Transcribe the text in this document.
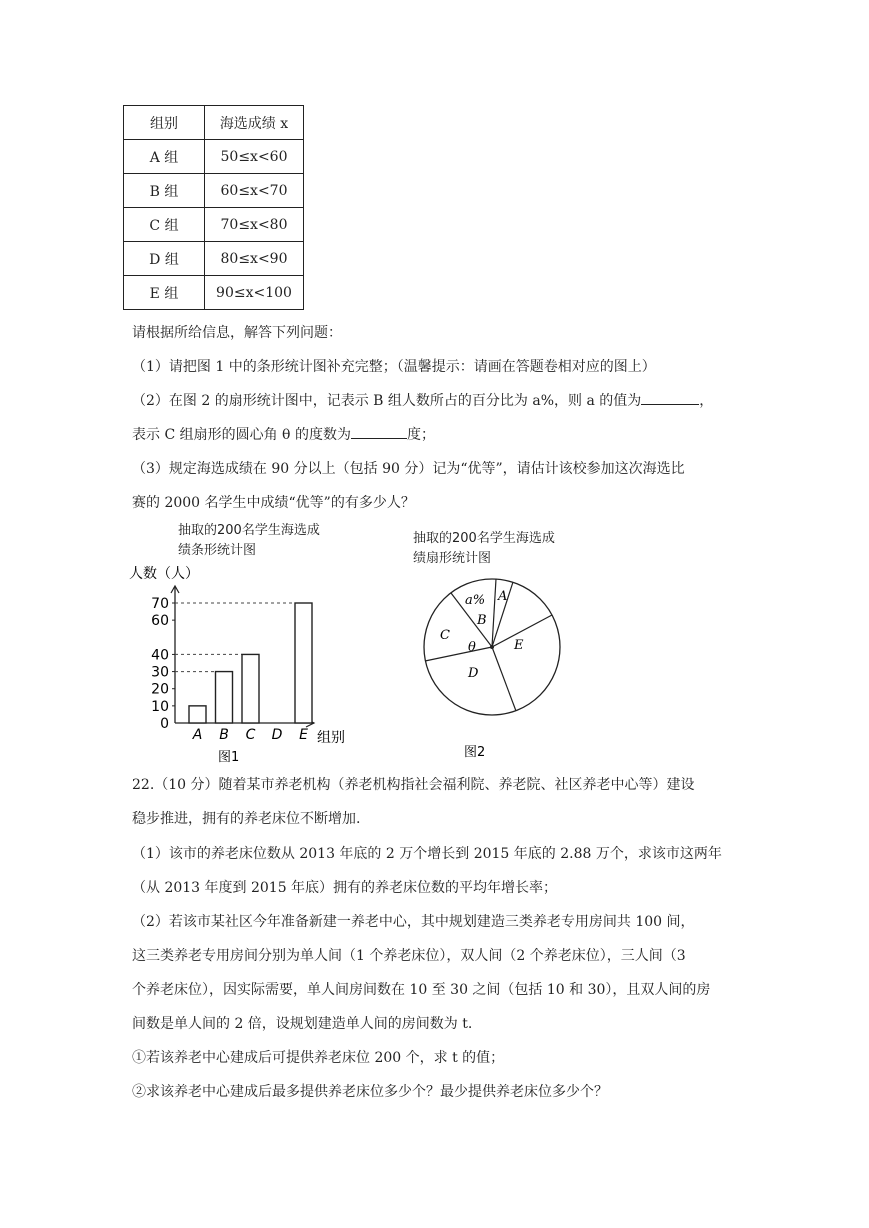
组别	海选成绩 x
A 组	50≤x<60
B 组	60≤x<70
C 组	70≤x<80
D 组	80≤x<90
E 组	90≤x<100
请根据所给信息，解答下列问题：
（1）请把图 1 中的条形统计图补充完整；（温馨提示：请画在答题卷相对应的图上）
（2）在图 2 的扇形统计图中，记表示 B 组人数所占的百分比为 a%，则 a 的值为	，
表示 C 组扇形的圆心角 θ 的度数为	度；
（3）规定海选成绩在 90 分以上（包括 90 分）记为“优等”，请估计该校参加这次海选比
赛的 2000 名学生中成绩“优等”的有多少人？
抽取的200名学生海选成
绩条形统计图
抽取的200名学生海选成
绩扇形统计图
0
10
20
30
40
60
70
A B C D E
人数（人）
组别
图1
a% A
B
C
D
E
θ
图2
22.（10 分）随着某市养老机构（养老机构指社会福利院、养老院、社区养老中心等）建设
稳步推进，拥有的养老床位不断增加.
（1）该市的养老床位数从 2013 年底的 2 万个增长到 2015 年底的 2.88 万个，求该市这两年
（从 2013 年度到 2015 年底）拥有的养老床位数的平均年增长率；
（2）若该市某社区今年准备新建一养老中心，其中规划建造三类养老专用房间共 100 间，
这三类养老专用房间分别为单人间（1 个养老床位），双人间（2 个养老床位），三人间（3
个养老床位），因实际需要，单人间房间数在 10 至 30 之间（包括 10 和 30），且双人间的房
间数是单人间的 2 倍，设规划建造单人间的房间数为 t.
①若该养老中心建成后可提供养老床位 200 个，求 t 的值；
②求该养老中心建成后最多提供养老床位多少个？最少提供养老床位多少个？
